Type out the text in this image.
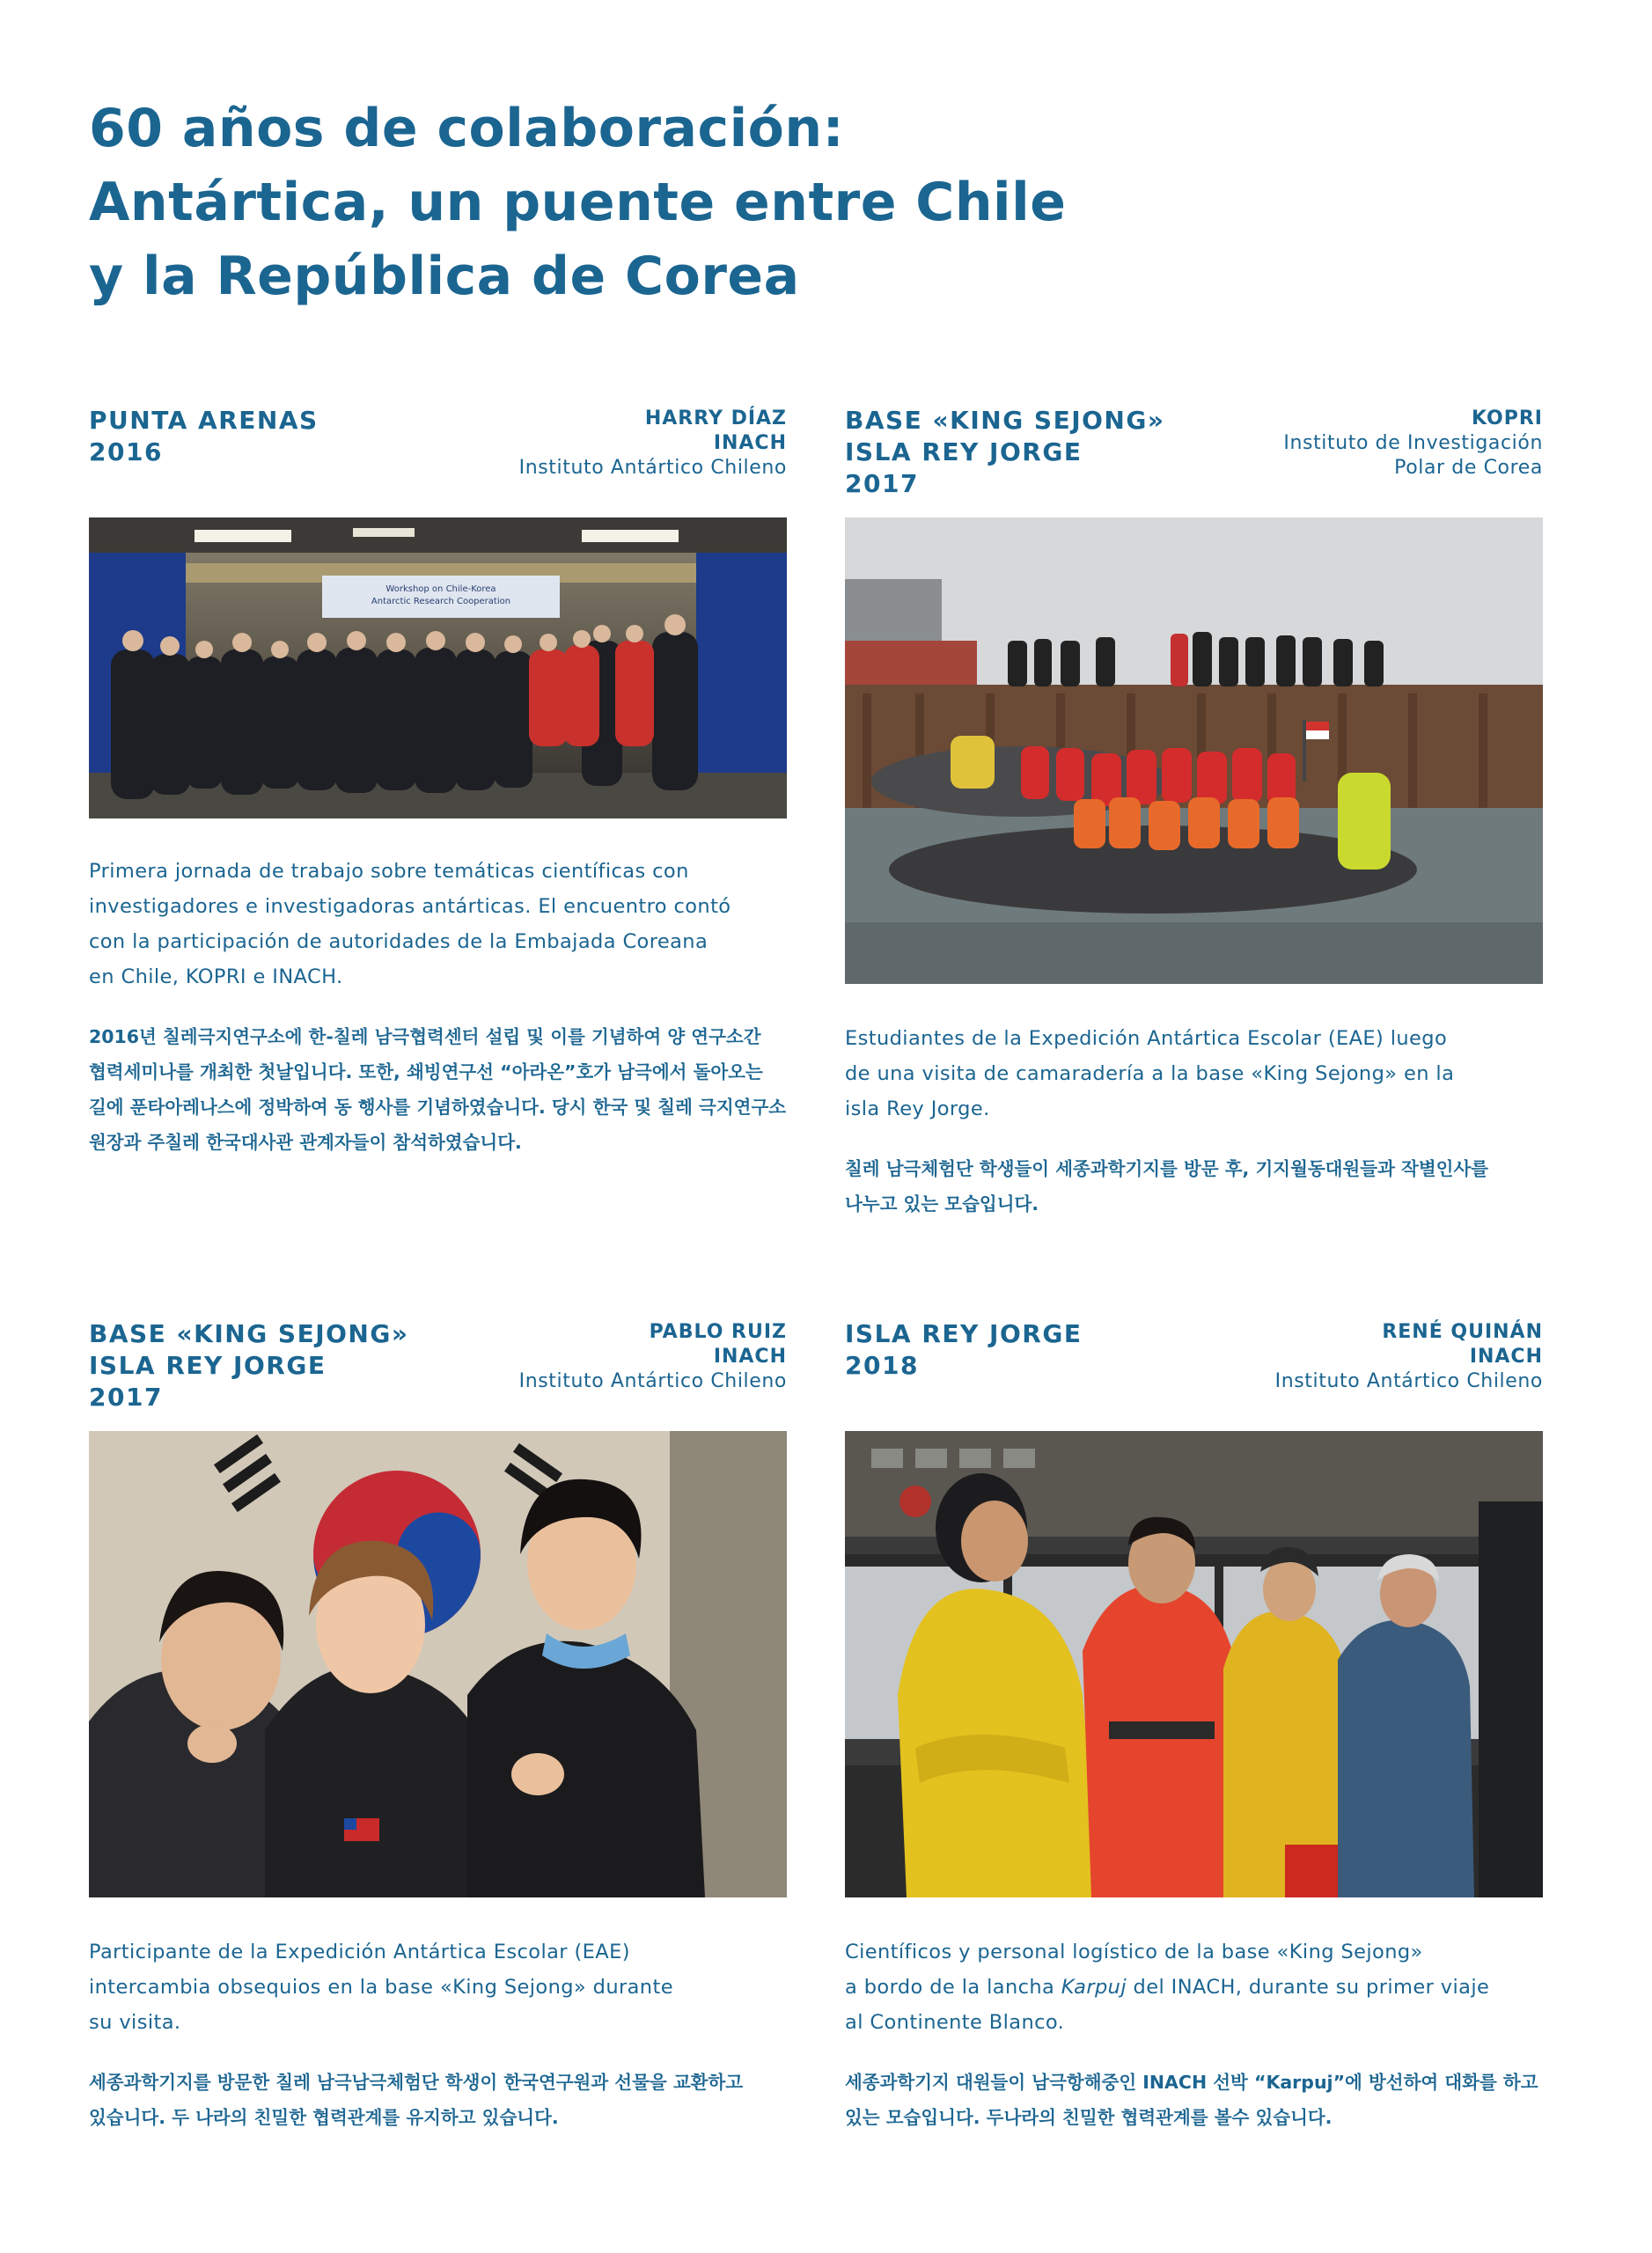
60 años de colaboración:
Antártica, un puente entre Chile
y la República de Corea
PUNTA ARENAS
2016
HARRY DÍAZ
INACH
Instituto Antártico Chileno
Workshop on Chile-Korea
Antarctic Research Cooperation

Primera jornada de trabajo sobre temáticas científicas con
investigadores e investigadoras antárticas. El encuentro contó
con la participación de autoridades de la Embajada Coreana
en Chile, KOPRI e INACH.

2016년 칠레극지연구소에 한-칠레 남극협력센터 설립 및 이를 기념하여 양 연구소간
협력세미나를 개최한 첫날입니다. 또한, 쇄빙연구선 “아라온”호가 남극에서 돌아오는
길에 푼타아레나스에 정박하여 동 행사를 기념하였습니다. 당시 한국 및 칠레 극지연구소
원장과 주칠레 한국대사관 관계자들이 참석하였습니다.

BASE «KING SEJONG»
ISLA REY JORGE
2017
KOPRI
Instituto de Investigación
Polar de Corea

Estudiantes de la Expedición Antártica Escolar (EAE) luego
de una visita de camaradería a la base «King Sejong» en la
isla Rey Jorge.

칠레 남극체험단 학생들이 세종과학기지를 방문 후, 기지월동대원들과 작별인사를
나누고 있는 모습입니다.

BASE «KING SEJONG»
ISLA REY JORGE
2017
PABLO RUIZ
INACH
Instituto Antártico Chileno

Participante de la Expedición Antártica Escolar (EAE)
intercambia obsequios en la base «King Sejong» durante
su visita.

세종과학기지를 방문한 칠레 남극남극체험단 학생이 한국연구원과 선물을 교환하고
있습니다. 두 나라의 친밀한 협력관계를 유지하고 있습니다.

ISLA REY JORGE
2018
RENÉ QUINÁN
INACH
Instituto Antártico Chileno

Científicos y personal logístico de la base «King Sejong»
a bordo de la lancha Karpuj del INACH, durante su primer viaje
al Continente Blanco.

세종과학기지 대원들이 남극항해중인 INACH 선박 “Karpuj”에 방선하여 대화를 하고
있는 모습입니다. 두나라의 친밀한 협력관계를 볼수 있습니다.
